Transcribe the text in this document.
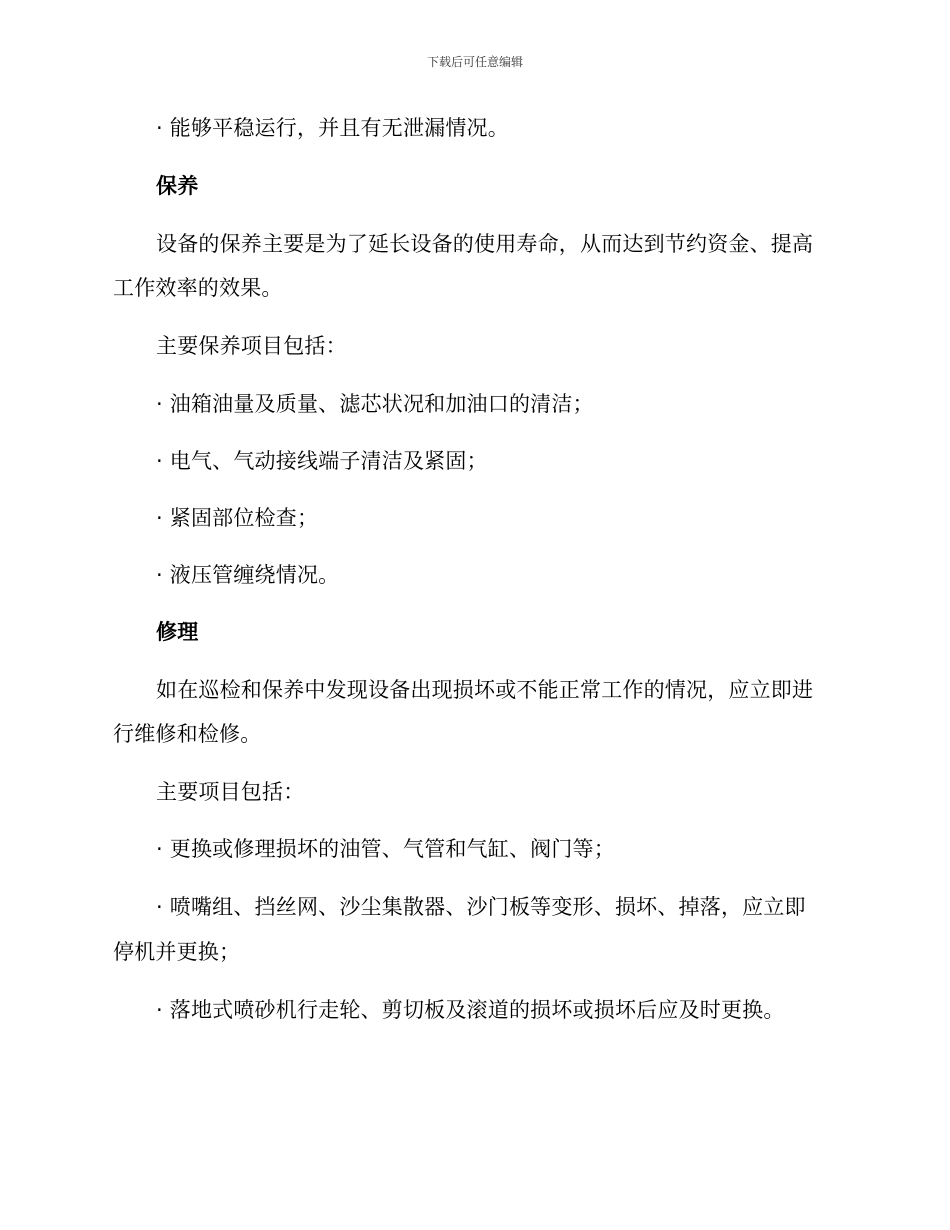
下载后可任意编辑
· 能够平稳运行，并且有无泄漏情况。
保养
设备的保养主要是为了延长设备的使用寿命，从而达到节约资金、提高
工作效率的效果。
主要保养项目包括：
· 油箱油量及质量、滤芯状况和加油口的清洁；
· 电气、气动接线端子清洁及紧固；
· 紧固部位检查；
· 液压管缠绕情况。
修理
如在巡检和保养中发现设备出现损坏或不能正常工作的情况，应立即进
行维修和检修。
主要项目包括：
· 更换或修理损坏的油管、气管和气缸、阀门等；
· 喷嘴组、挡丝网、沙尘集散器、沙门板等变形、损坏、掉落，应立即
停机并更换；
· 落地式喷砂机行走轮、剪切板及滚道的损坏或损坏后应及时更换。
